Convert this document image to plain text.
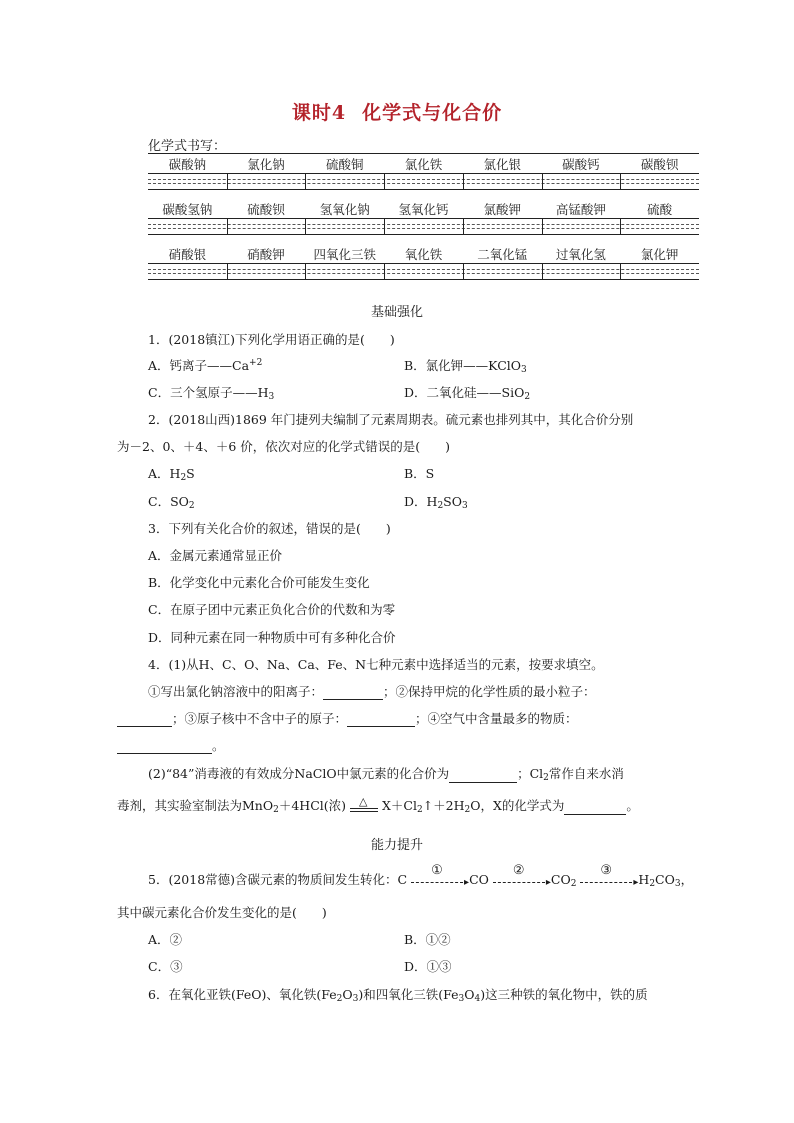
课时4 化学式与化合价
化学式书写：
碳酸钠	氯化钠	硫酸铜	氯化铁	氯化银	碳酸钙	碳酸钡
碳酸氢钠	硫酸钡	氢氧化钠	氢氧化钙	氯酸钾	高锰酸钾	硫酸
硝酸银	硝酸钾	四氧化三铁	氧化铁	二氧化锰	过氧化氢	氯化钾
基础强化
1．(2018镇江)下列化学用语正确的是(　　)
A．钙离子$——Ca^{+2}$	B．氯化钾——KClO$_3$
C．三个氢原子$——H_3$	D．二氧化硅——SiO$_2$
2．(2018山西)1869 年门捷列夫编制了元素周期表。硫元素也排列其中，其化合价分别
为－2、0、＋4、＋6 价，依次对应的化学式错误的是(　　)
A．$H_2S$	B．S
C．$SO_2$	D．$H_2SO_3$
3．下列有关化合价的叙述，错误的是(　　)
A．金属元素通常显正价
B．化学变化中元素化合价可能发生变化
C．在原子团中元素正负化合价的代数和为零
D．同种元素在同一种物质中可有多种化合价
4．(1)从H、C、O、Na、Ca、Fe、N七种元素中选择适当的元素，按要求填空。
①写出氯化钠溶液中的阳离子：	；②保持甲烷的化学性质的最小粒子：
；③原子核中不含中子的原子：	；④空气中含量最多的物质：
。
(2)“84”消毒液的有效成分NaClO中氯元素的化合价为	；$Cl_2$常作自来水消
毒剂，其实验室制法为MnO$_2$＋4HCl(浓) △ $X+Cl_2↑+2H_2O$，X的化学式为	。
能力提升
5．(2018常德)含碳元素的物质间发生转化：C
①
▸ CO
②
▸ $CO_2$
③
▸ $H_2CO_3$，
其中碳元素化合价发生变化的是(　　)
A．②	B．①②
C．③	D．①③
6．在氧化亚铁(FeO)、氧化铁$(Fe_2O_3)$和四氧化三铁$(Fe_3O_4)$这三种铁的氧化物中，铁的质
